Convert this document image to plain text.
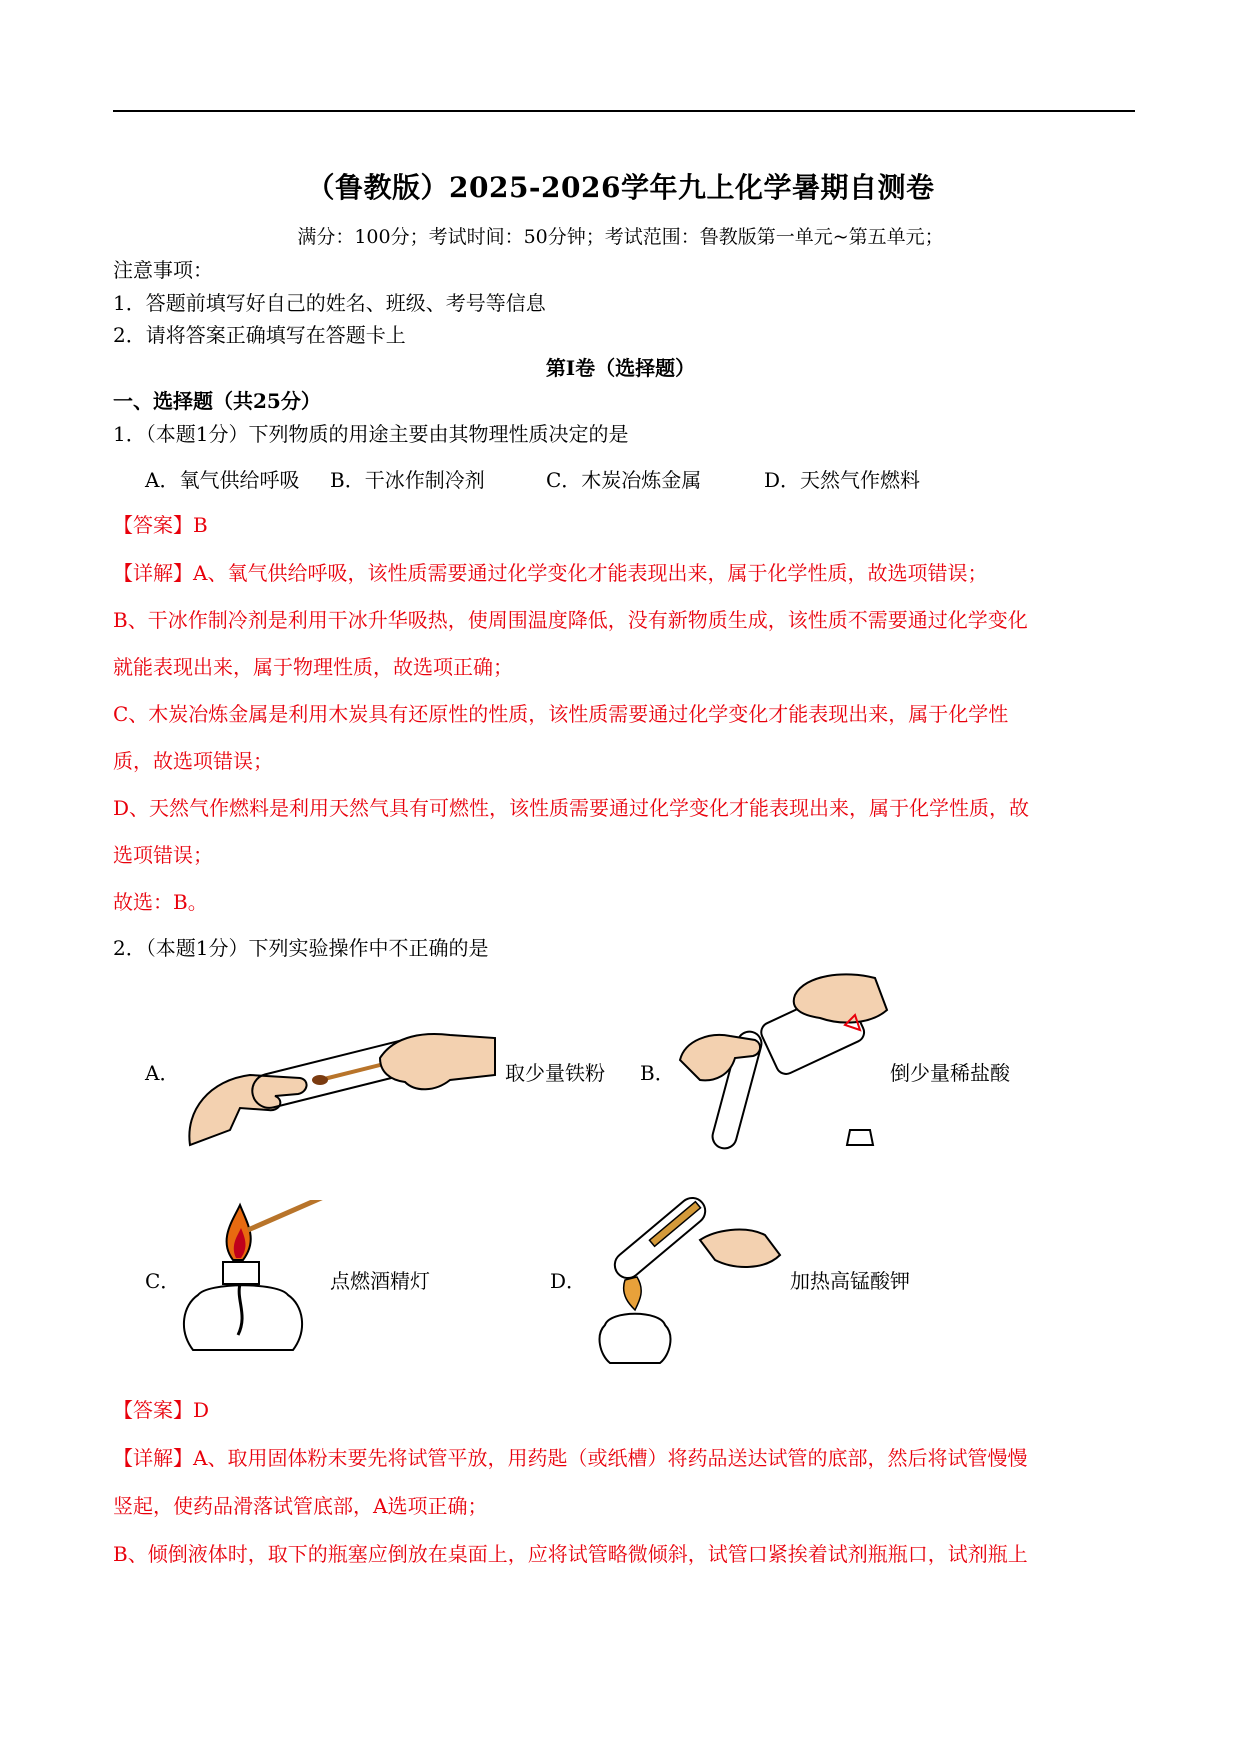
（鲁教版）2025-2026学年九上化学暑期自测卷
满分：100分；考试时间：50分钟；考试范围：鲁教版第一单元~第五单元；
注意事项：
1．答题前填写好自己的姓名、班级、考号等信息
2．请将答案正确填写在答题卡上
第I卷（选择题）
一、选择题（共25分）
1．（本题1分）下列物质的用途主要由其物理性质决定的是
A．氧气供给呼吸 B．干冰作制冷剂	C．木炭冶炼金属	D．天然气作燃料
【答案】B
【详解】A、氧气供给呼吸，该性质需要通过化学变化才能表现出来，属于化学性质，故选项错误；
B、干冰作制冷剂是利用干冰升华吸热，使周围温度降低，没有新物质生成，该性质不需要通过化学变化
就能表现出来，属于物理性质，故选项正确；
C、木炭冶炼金属是利用木炭具有还原性的性质，该性质需要通过化学变化才能表现出来，属于化学性
质，故选项错误；
D、天然气作燃料是利用天然气具有可燃性，该性质需要通过化学变化才能表现出来，属于化学性质，故
选项错误；
故选：B。
2．（本题1分）下列实验操作中不正确的是
A．	取少量铁粉 B．	倒少量稀盐酸
C．	点燃酒精灯	D．	加热高锰酸钾
【答案】D
【详解】A、取用固体粉末要先将试管平放，用药匙（或纸槽）将药品送达试管的底部，然后将试管慢慢
竖起，使药品滑落试管底部，A选项正确；
B、倾倒液体时，取下的瓶塞应倒放在桌面上，应将试管略微倾斜，试管口紧挨着试剂瓶瓶口，试剂瓶上
